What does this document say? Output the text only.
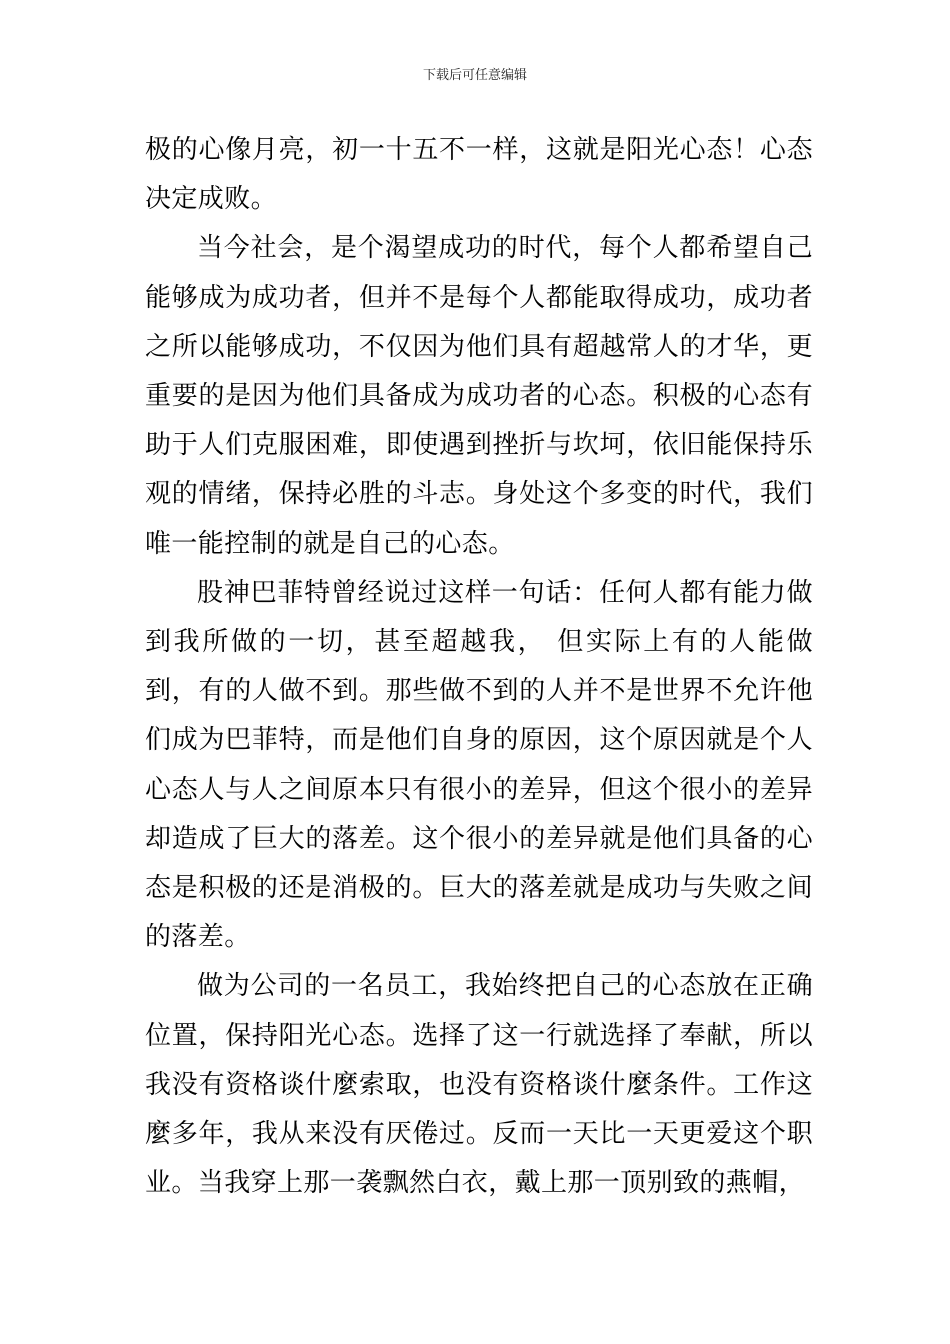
下载后可任意编辑

极的心像月亮，初一十五不一样，这就是阳光心态！心态决定成败。

当今社会，是个渴望成功的时代，每个人都希望自己能够成为成功者，但并不是每个人都能取得成功，成功者之所以能够成功，不仅因为他们具有超越常人的才华，更重要的是因为他们具备成为成功者的心态。积极的心态有助于人们克服困难，即使遇到挫折与坎坷，依旧能保持乐观的情绪，保持必胜的斗志。身处这个多变的时代，我们唯一能控制的就是自己的心态。

股神巴菲特曾经说过这样一句话：任何人都有能力做到我所做的一切，甚至超越我， 但实际上有的人能做到，有的人做不到。那些做不到的人并不是世界不允许他们成为巴菲特，而是他们自身的原因，这个原因就是个人心态人与人之间原本只有很小的差异，但这个很小的差异却造成了巨大的落差。这个很小的差异就是他们具备的心态是积极的还是消极的。巨大的落差就是成功与失败之间的落差。

做为公司的一名员工，我始终把自己的心态放在正确位置，保持阳光心态。选择了这一行就选择了奉献，所以我没有资格谈什麼索取，也没有资格谈什麼条件。工作这麼多年，我从来没有厌倦过。反而一天比一天更爱这个职业。当我穿上那一袭飘然白衣，戴上那一顶别致的燕帽，
